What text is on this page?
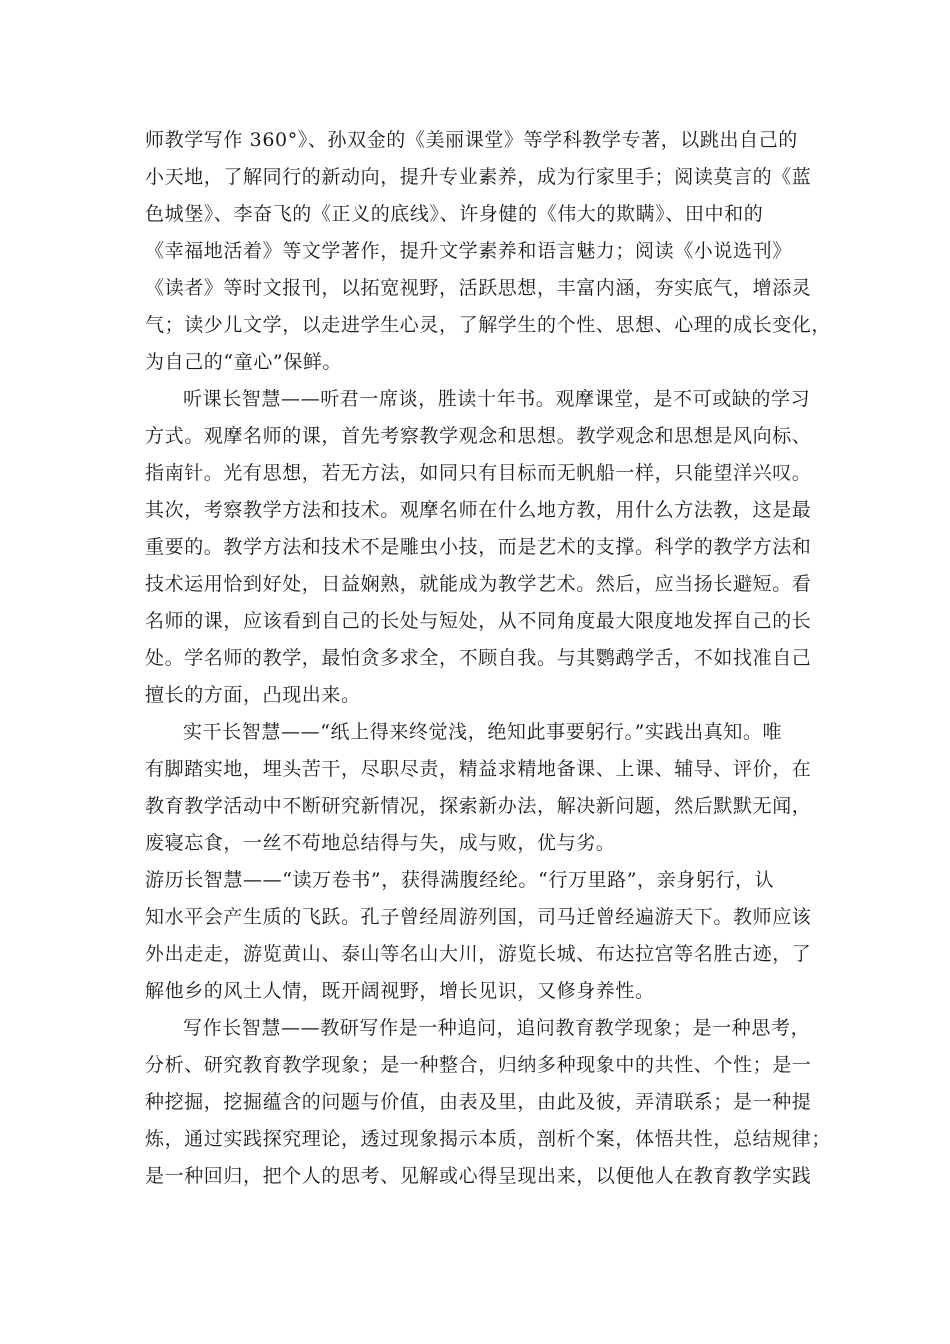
师教学写作 360°》、孙双金的《美丽课堂》等学科教学专著，以跳出自己的
小天地，了解同行的新动向，提升专业素养，成为行家里手；阅读莫言的《蓝
色城堡》、李奋飞的《正义的底线》、许身健的《伟大的欺瞒》、田中和的
《幸福地活着》等文学著作，提升文学素养和语言魅力；阅读《小说选刊》
《读者》等时文报刊，以拓宽视野，活跃思想，丰富内涵，夯实底气，增添灵
气；读少儿文学，以走进学生心灵，了解学生的个性、思想、心理的成长变化，
为自己的“童心”保鲜。
听课长智慧——听君一席谈，胜读十年书。观摩课堂，是不可或缺的学习
方式。观摩名师的课，首先考察教学观念和思想。教学观念和思想是风向标、
指南针。光有思想，若无方法，如同只有目标而无帆船一样，只能望洋兴叹。
其次，考察教学方法和技术。观摩名师在什么地方教，用什么方法教，这是最
重要的。教学方法和技术不是雕虫小技，而是艺术的支撑。科学的教学方法和
技术运用恰到好处，日益娴熟，就能成为教学艺术。然后，应当扬长避短。看
名师的课，应该看到自己的长处与短处，从不同角度最大限度地发挥自己的长
处。学名师的教学，最怕贪多求全，不顾自我。与其鹦鹉学舌，不如找准自己
擅长的方面，凸现出来。
实干长智慧——“纸上得来终觉浅，绝知此事要躬行。”实践出真知。唯
有脚踏实地，埋头苦干，尽职尽责，精益求精地备课、上课、辅导、评价，在
教育教学活动中不断研究新情况，探索新办法，解决新问题，然后默默无闻，
废寝忘食，一丝不苟地总结得与失，成与败，优与劣。
游历长智慧——“读万卷书”，获得满腹经纶。“行万里路”，亲身躬行，认
知水平会产生质的飞跃。孔子曾经周游列国，司马迁曾经遍游天下。教师应该
外出走走，游览黄山、泰山等名山大川，游览长城、布达拉宫等名胜古迹，了
解他乡的风土人情，既开阔视野，增长见识，又修身养性。
写作长智慧——教研写作是一种追问，追问教育教学现象；是一种思考，
分析、研究教育教学现象；是一种整合，归纳多种现象中的共性、个性；是一
种挖掘，挖掘蕴含的问题与价值，由表及里，由此及彼，弄清联系；是一种提
炼，通过实践探究理论，透过现象揭示本质，剖析个案，体悟共性，总结规律；
是一种回归，把个人的思考、见解或心得呈现出来，以便他人在教育教学实践
